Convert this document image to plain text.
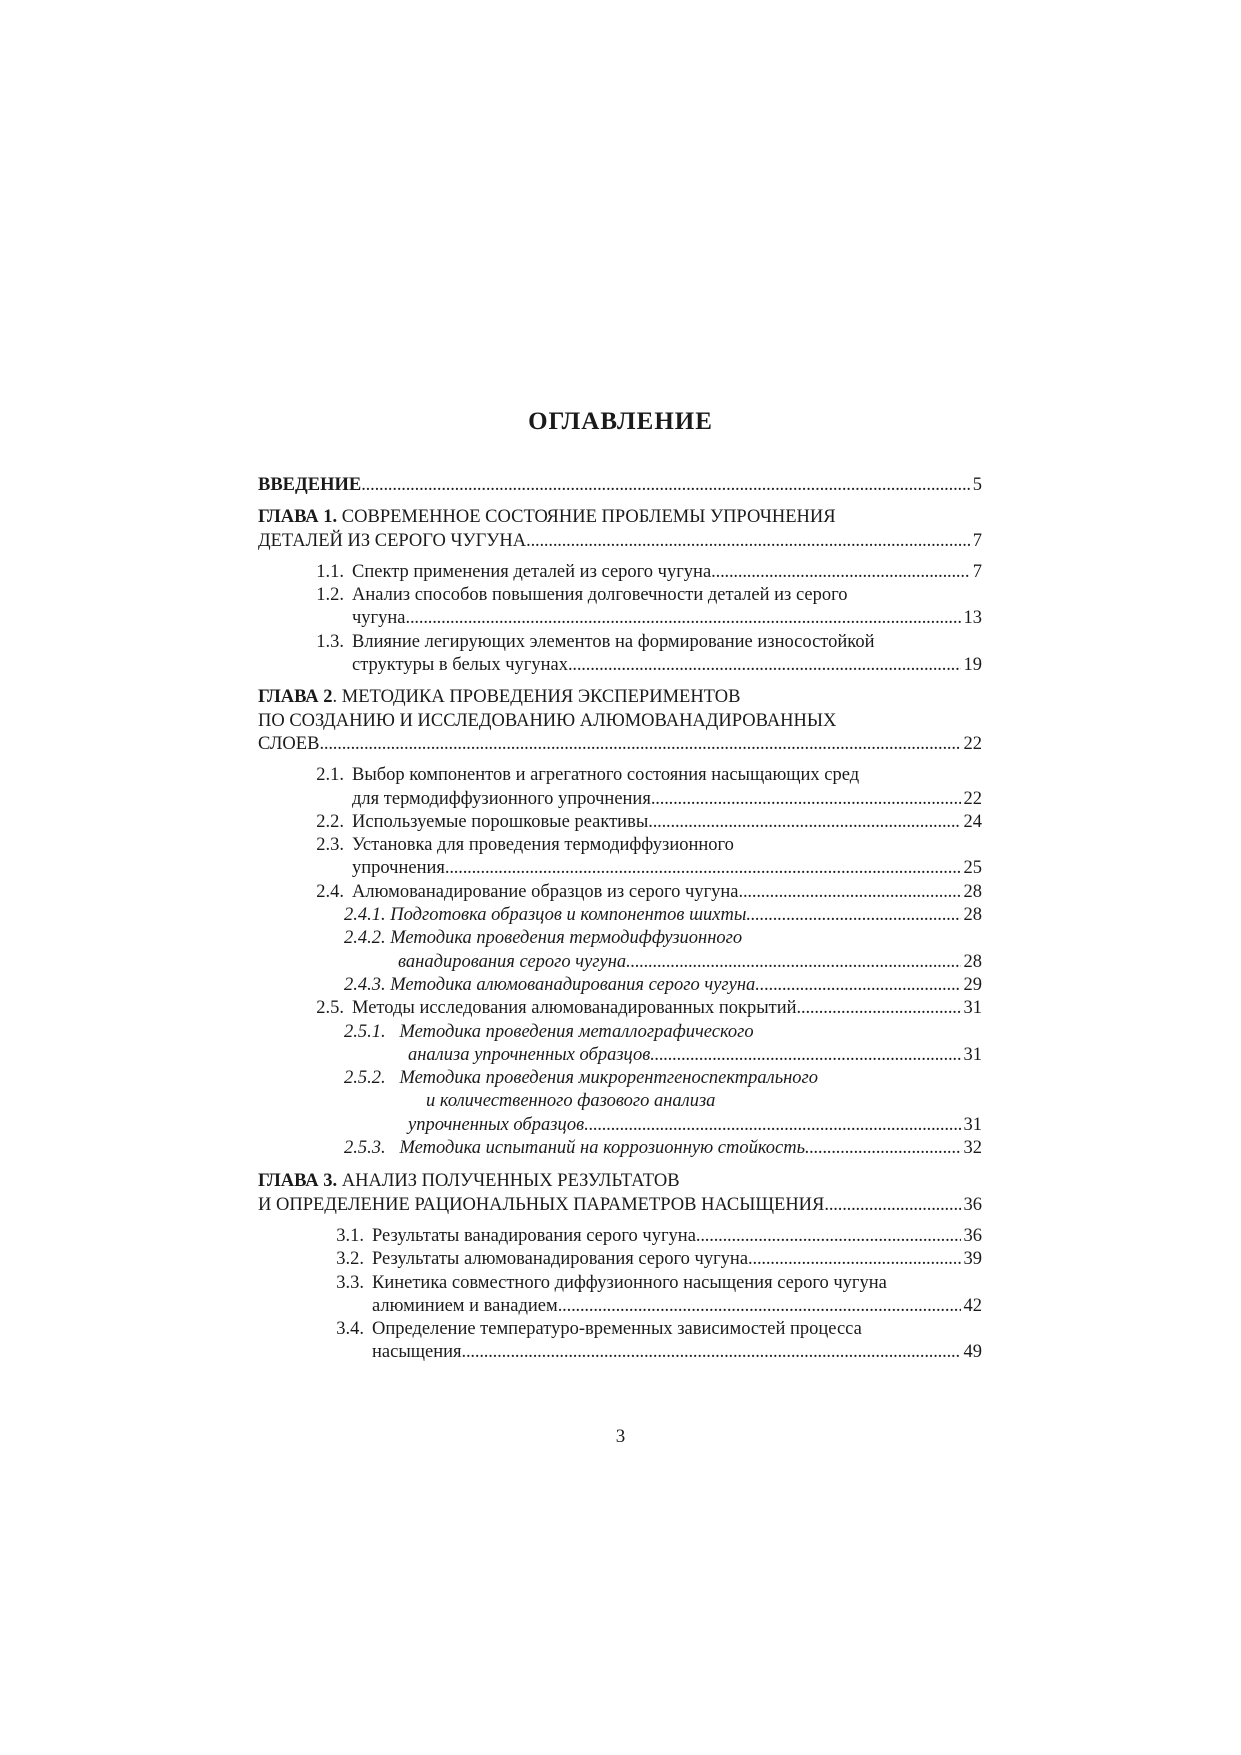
ОГЛАВЛЕНИЕ
ВВЕДЕНИЕ . . .	5
ГЛАВА 1. СОВРЕМЕННОЕ СОСТОЯНИЕ ПРОБЛЕМЫ УПРОЧНЕНИЯ
ДЕТАЛЕЙ ИЗ СЕРОГО ЧУГУНА . . .	7
1.1. Спектр применения деталей из серого чугуна . . .	7
1.2. Анализ способов повышения долговечности деталей из серого
чугуна . . .	13
1.3. Влияние легирующих элементов на формирование износостойкой
структуры в белых чугунах . . .	19
ГЛАВА 2. МЕТОДИКА ПРОВЕДЕНИЯ ЭКСПЕРИМЕНТОВ
ПО СОЗДАНИЮ И ИССЛЕДОВАНИЮ АЛЮМОВАНАДИРОВАННЫХ
СЛОЕВ . . .	22
2.1. Выбор компонентов и агрегатного состояния насыщающих сред
для термодиффузионного упрочнения . . .	22
2.2. Используемые порошковые реактивы . . .	24
2.3. Установка для проведения термодиффузионного
упрочнения . . .	25
2.4. Алюмованадирование образцов из серого чугуна . . .	28
2.4.1. Подготовка образцов и компонентов шихты . . .	28
2.4.2. Методика проведения термодиффузионного
ванадирования серого чугуна . . .	28
2.4.3. Методика алюмованадирования серого чугуна.. . . .	29
2.5. Методы исследования алюмованадированных покрытий . . .	31
2.5.1.   Методика проведения металлографического
анализа упрочненных образцов . . .	31
2.5.2.   Методика проведения микрорентгеноспектрального
и количественного фазового анализа
упрочненных образцов. . . .	31
2.5.3.   Методика испытаний на коррозионную стойкость . . .	32
ГЛАВА 3. АНАЛИЗ ПОЛУЧЕННЫХ РЕЗУЛЬТАТОВ
И ОПРЕДЕЛЕНИЕ РАЦИОНАЛЬНЫХ ПАРАМЕТРОВ НАСЫЩЕНИЯ . . .	36
3.1. Результаты ванадирования серого чугуна . . .	36
3.2. Результаты алюмованадирования серого чугуна . . .	39
3.3. Кинетика совместного диффузионного насыщения серого чугуна
алюминием и ванадием . . .	42
3.4. Определение температуро-временных зависимостей процесса
насыщения . . .	49
3
